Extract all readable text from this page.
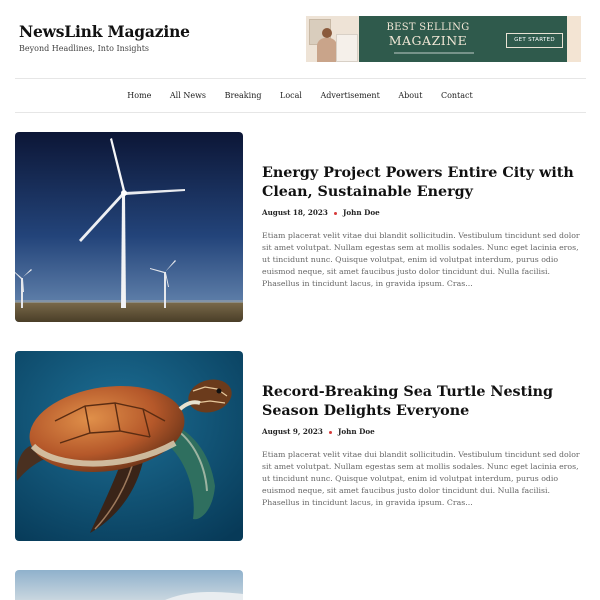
NewsLink Magazine
Beyond Headlines, Into Insights
BEST SELLING
MAGAZINE	GET STARTED
Home All News Breaking Local Advertisement About Contact
Energy Project Powers Entire City with Clean, Sustainable Energy
August 18, 2023 John Doe
Etiam placerat velit vitae dui blandit sollicitudin. Vestibulum tincidunt sed dolor sit amet volutpat. Nullam egestas sem at mollis sodales. Nunc eget lacinia eros, ut tincidunt nunc. Quisque volutpat, enim id volutpat interdum, purus odio euismod neque, sit amet faucibus justo dolor tincidunt dui. Nulla facilisi. Phasellus in tincidunt lacus, in gravida ipsum. Cras...
Record-Breaking Sea Turtle Nesting Season Delights Everyone
August 9, 2023 John Doe
Etiam placerat velit vitae dui blandit sollicitudin. Vestibulum tincidunt sed dolor sit amet volutpat. Nullam egestas sem at mollis sodales. Nunc eget lacinia eros, ut tincidunt nunc. Quisque volutpat, enim id volutpat interdum, purus odio euismod neque, sit amet faucibus justo dolor tincidunt dui. Nulla facilisi. Phasellus in tincidunt lacus, in gravida ipsum. Cras...
